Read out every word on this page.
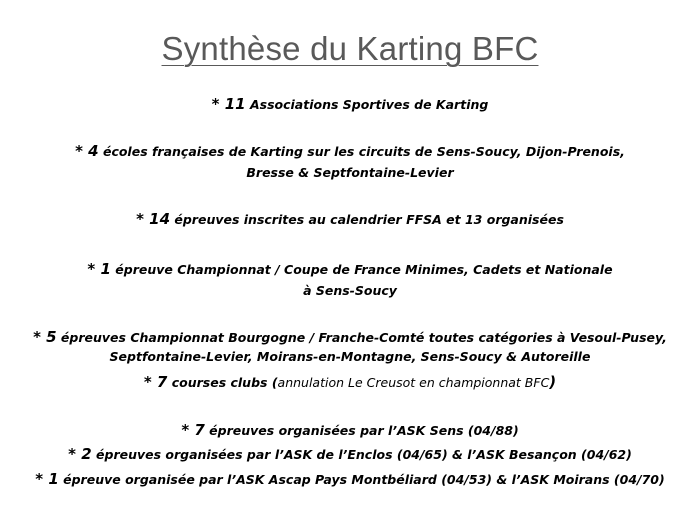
Synthèse du Karting BFC
* 11 Associations Sportives de Karting
* 4 écoles françaises de Karting sur les circuits de Sens-Soucy, Dijon-Prenois,
Bresse & Septfontaine-Levier
* 14 épreuves inscrites au calendrier FFSA et 13 organisées
* 1 épreuve Championnat / Coupe de France Minimes, Cadets et Nationale
à Sens-Soucy
* 5 épreuves Championnat Bourgogne / Franche-Comté toutes catégories à Vesoul-Pusey,
Septfontaine-Levier, Moirans-en-Montagne, Sens-Soucy & Autoreille
* 7 courses clubs (annulation Le Creusot en championnat BFC)
* 7 épreuves organisées par l’ASK Sens (04/88)
* 2 épreuves organisées par l’ASK de l’Enclos (04/65) & l’ASK Besançon (04/62)
* 1 épreuve organisée par l’ASK Ascap Pays Montbéliard (04/53) & l’ASK Moirans (04/70)
